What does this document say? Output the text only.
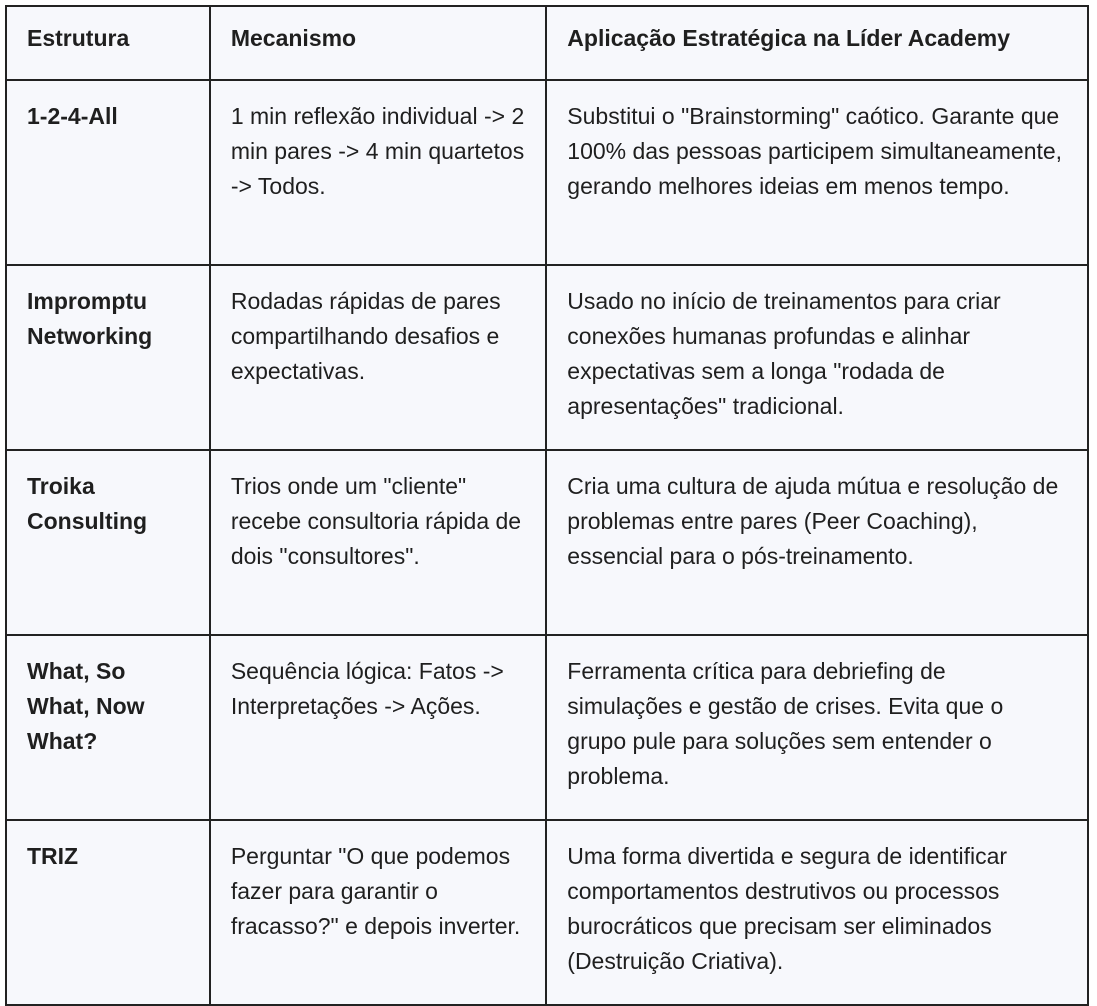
Estrutura	Mecanismo	Aplicação Estratégica na Líder Academy
1-2-4-All	1 min reflexão individual -> 2 min pares -> 4 min quartetos -> Todos.	Substitui o "Brainstorming" caótico. Garante que 100% das pessoas participem simultaneamente, gerando melhores ideias em menos tempo.
Impromptu Networking	Rodadas rápidas de pares compartilhando desafios e expectativas.	Usado no início de treinamentos para criar conexões humanas profundas e alinhar expectativas sem a longa "rodada de apresentações" tradicional.
Troika Consulting	Trios onde um "cliente" recebe consultoria rápida de dois "consultores".	Cria uma cultura de ajuda mútua e resolução de problemas entre pares (Peer Coaching), essencial para o pós-treinamento.
What, So What, Now What?	Sequência lógica: Fatos -> Interpretações -> Ações.	Ferramenta crítica para debriefing de simulações e gestão de crises. Evita que o grupo pule para soluções sem entender o problema.
TRIZ	Perguntar "O que podemos fazer para garantir o fracasso?" e depois inverter.	Uma forma divertida e segura de identificar comportamentos destrutivos ou processos burocráticos que precisam ser eliminados (Destruição Criativa).
